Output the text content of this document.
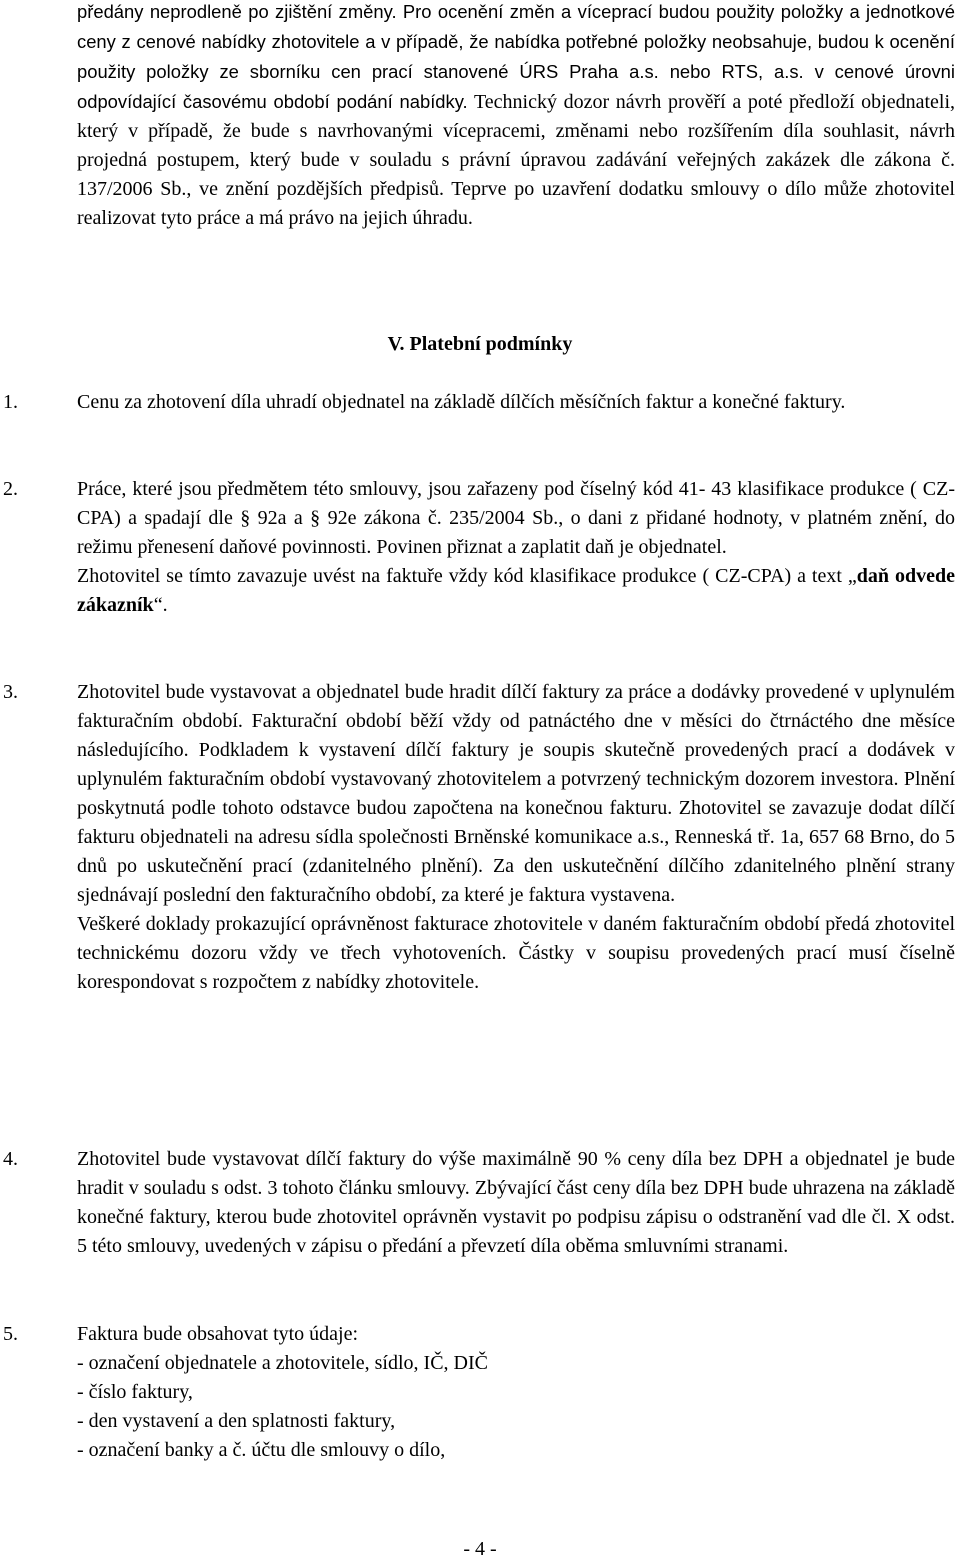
předány neprodleně po zjištění změny. Pro ocenění změn a víceprací budou použity položky a jednotkové ceny z cenové nabídky zhotovitele a v případě, že nabídka potřebné položky neobsahuje, budou k ocenění použity položky ze sborníku cen prací stanovené ÚRS Praha a.s. nebo RTS, a.s. v cenové úrovni odpovídající časovému období podání nabídky. Technický dozor návrh prověří a poté předloží objednateli, který v případě, že bude s navrhovanými vícepracemi, změnami nebo rozšířením díla souhlasit, návrh projedná postupem, který bude v souladu s právní úpravou zadávání veřejných zakázek dle zákona č. 137/2006 Sb., ve znění pozdějších předpisů. Teprve po uzavření dodatku smlouvy o dílo může zhotovitel realizovat tyto práce a má právo na jejich úhradu.
V. Platební podmínky
1.	Cenu za zhotovení díla uhradí objednatel na základě dílčích měsíčních faktur a konečné faktury.

2.	Práce, které jsou předmětem této smlouvy, jsou zařazeny pod číselný kód 41- 43 klasifikace produkce ( CZ-CPA) a spadají dle § 92a a § 92e zákona č. 235/2004 Sb., o dani z přidané hodnoty, v platném znění, do režimu přenesení daňové povinnosti. Povinen přiznat a zaplatit daň je objednatel.

Zhotovitel se tímto zavazuje uvést na faktuře vždy kód klasifikace produkce ( CZ-CPA) a text „daň odvede zákazník“.

3.	Zhotovitel bude vystavovat a objednatel bude hradit dílčí faktury za práce a dodávky provedené v uplynulém fakturačním období. Fakturační období běží vždy od patnáctého dne v měsíci do čtrnáctého dne měsíce následujícího. Podkladem k vystavení dílčí faktury je soupis skutečně provedených prací a dodávek v uplynulém fakturačním období vystavovaný zhotovitelem a potvrzený technickým dozorem investora. Plnění poskytnutá podle tohoto odstavce budou započtena na konečnou fakturu. Zhotovitel se zavazuje dodat dílčí fakturu objednateli na adresu sídla společnosti Brněnské komunikace a.s., Renneská tř. 1a, 657 68 Brno, do 5 dnů po uskutečnění prací (zdanitelného plnění). Za den uskutečnění dílčího zdanitelného plnění strany sjednávají poslední den fakturačního období, za které je faktura vystavena.

Veškeré doklady prokazující oprávněnost fakturace zhotovitele v daném fakturačním období předá zhotovitel technickému dozoru vždy ve třech vyhotoveních. Částky v soupisu provedených prací musí číselně korespondovat s rozpočtem z nabídky zhotovitele.

4.	Zhotovitel bude vystavovat dílčí faktury do výše maximálně 90 % ceny díla bez DPH a objednatel je bude hradit v souladu s odst. 3 tohoto článku smlouvy. Zbývající část ceny díla bez DPH bude uhrazena na základě konečné faktury, kterou bude zhotovitel oprávněn vystavit po podpisu zápisu o odstranění vad dle čl. X odst. 5 této smlouvy, uvedených v zápisu o předání a převzetí díla oběma smluvními stranami.

5.	Faktura bude obsahovat tyto údaje:

- označení objednatele a zhotovitele, sídlo, IČ, DIČ

- číslo faktury,

- den vystavení a den splatnosti faktury,

- označení banky a č. účtu dle smlouvy o dílo,

- 4 -
